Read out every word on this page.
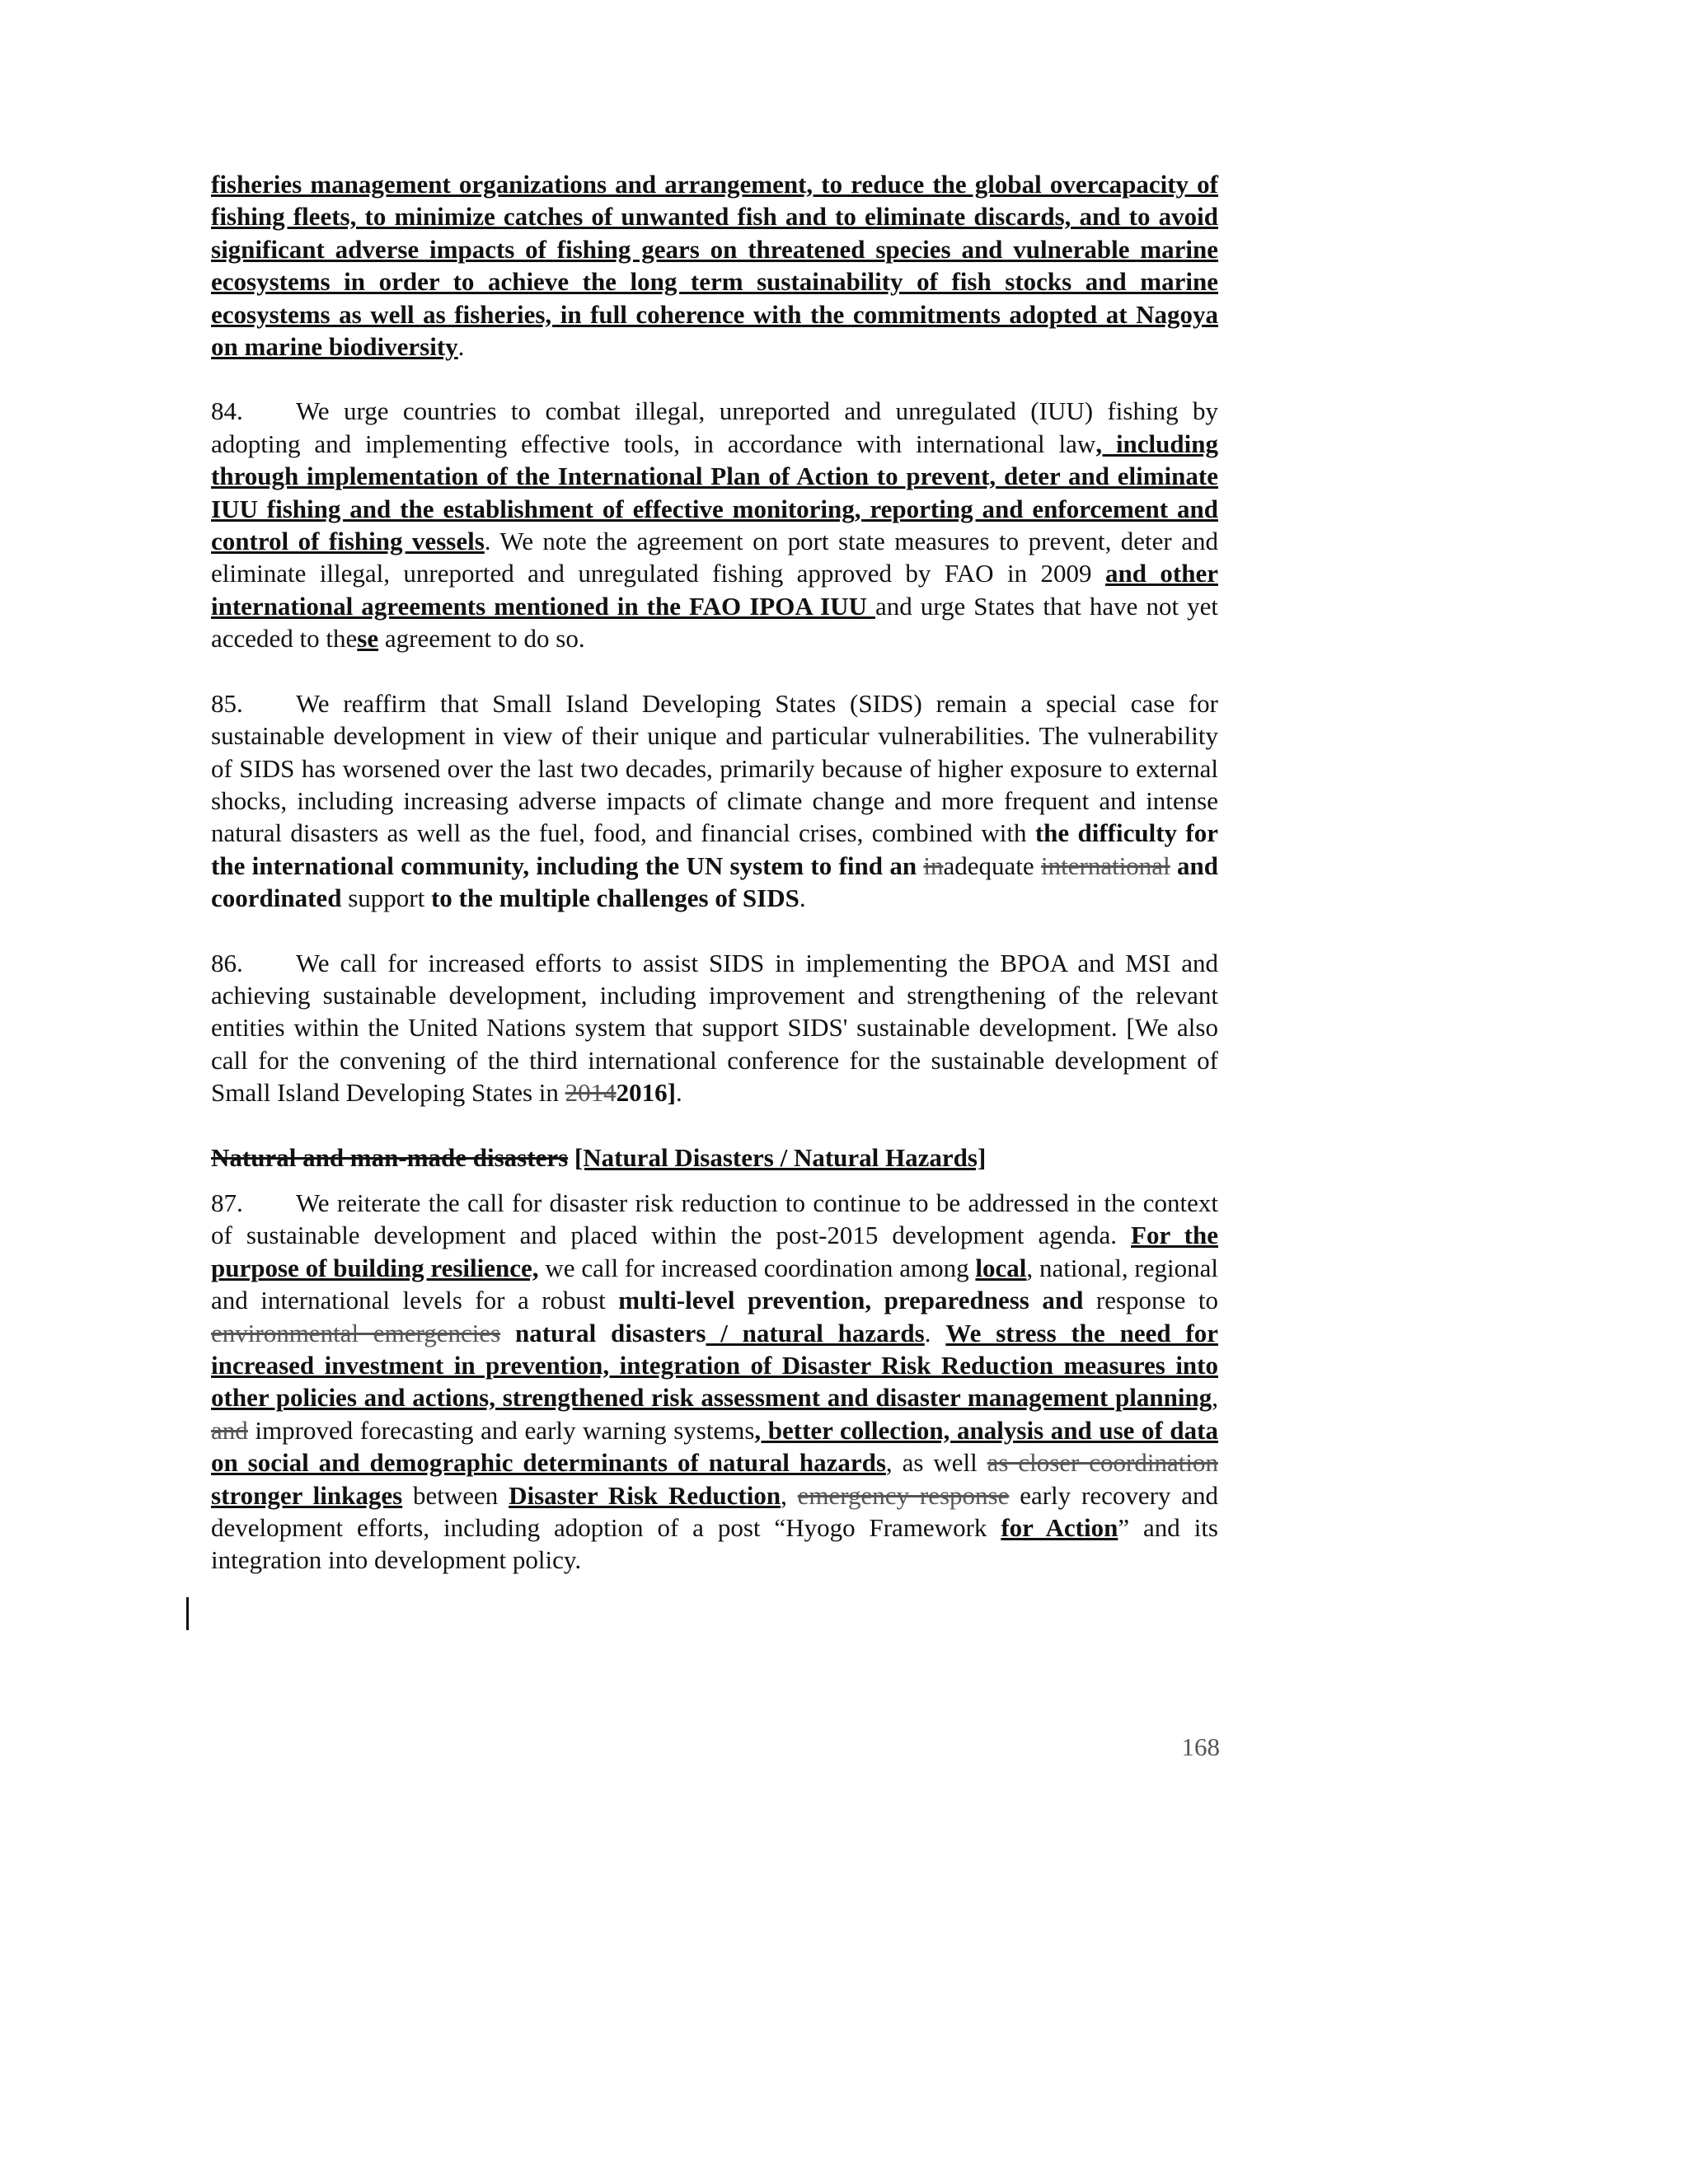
fisheries management organizations and arrangement, to reduce the global overcapacity of fishing fleets, to minimize catches of unwanted fish and to eliminate discards, and to avoid significant adverse impacts of fishing gears on threatened species and vulnerable marine ecosystems in order to achieve the long term sustainability of fish stocks and marine ecosystems as well as fisheries, in full coherence with the commitments adopted at Nagoya on marine biodiversity.

84. We urge countries to combat illegal, unreported and unregulated (IUU) fishing by adopting and implementing effective tools, in accordance with international law, including through implementation of the International Plan of Action to prevent, deter and eliminate IUU fishing and the establishment of effective monitoring, reporting and enforcement and control of fishing vessels. We note the agreement on port state measures to prevent, deter and eliminate illegal, unreported and unregulated fishing approved by FAO in 2009 and other international agreements mentioned in the FAO IPOA IUU and urge States that have not yet acceded to these agreement to do so.

85. We reaffirm that Small Island Developing States (SIDS) remain a special case for sustainable development in view of their unique and particular vulnerabilities. The vulnerability of SIDS has worsened over the last two decades, primarily because of higher exposure to external shocks, including increasing adverse impacts of climate change and more frequent and intense natural disasters as well as the fuel, food, and financial crises, combined with the difficulty for the international community, including the UN system to find an inadequate international and coordinated support to the multiple challenges of SIDS.

86. We call for increased efforts to assist SIDS in implementing the BPOA and MSI and achieving sustainable development, including improvement and strengthening of the relevant entities within the United Nations system that support SIDS' sustainable development. [We also call for the convening of the third international conference for the sustainable development of Small Island Developing States in 20142016].

Natural and man-made disasters [Natural Disasters / Natural Hazards]

87. We reiterate the call for disaster risk reduction to continue to be addressed in the context of sustainable development and placed within the post-2015 development agenda. For the purpose of building resilience, we call for increased coordination among local, national, regional and international levels for a robust multi-level prevention, preparedness and response to environmental emergencies natural disasters / natural hazards. We stress the need for increased investment in prevention, integration of Disaster Risk Reduction measures into other policies and actions, strengthened risk assessment and disaster management planning, and improved forecasting and early warning systems, better collection, analysis and use of data on social and demographic determinants of natural hazards, as well as closer coordination stronger linkages between Disaster Risk Reduction, emergency response early recovery and development efforts, including adoption of a post “Hyogo Framework for Action” and its integration into development policy.

168
